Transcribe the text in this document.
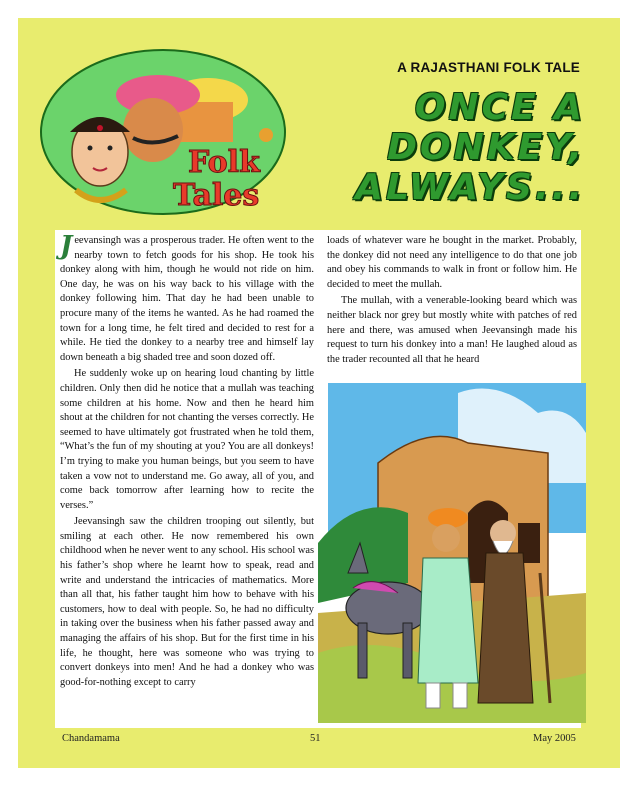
Folk
Tales
A RAJASTHANI FOLK TALE
ONCE A
DONKEY,
ALWAYS...

Jeevansingh was a prosperous trader. He often went to the nearby town to fetch goods for his shop. He took his donkey along with him, though he would not ride on him. One day, he was on his way back to his village with the donkey following him. That day he had been unable to procure many of the items he wanted. As he had roamed the town for a long time, he felt tired and decided to rest for a while. He tied the donkey to a nearby tree and himself lay down beneath a big shaded tree and soon dozed off.

He suddenly woke up on hearing loud chanting by little children. Only then did he notice that a mullah was teaching some children at his home. Now and then he heard him shout at the children for not chanting the verses correctly. He seemed to have ultimately got frustrated when he told them, “What’s the fun of my shouting at you? You are all donkeys! I’m trying to make you human beings, but you seem to have taken a vow not to understand me. Go away, all of you, and come back tomorrow after learning how to recite the verses.”

Jeevansingh saw the children trooping out silently, but smiling at each other. He now remembered his own childhood when he never went to any school. His school was his father’s shop where he learnt how to speak, read and write and understand the intricacies of mathematics. More than all that, his father taught him how to behave with his customers, how to deal with people. So, he had no difficulty in taking over the business when his father passed away and managing the affairs of his shop. But for the first time in his life, he thought, here was someone who was trying to convert donkeys into men! And he had a donkey who was good-for-nothing except to carry

loads of whatever ware he bought in the market. Probably, the donkey did not need any intelligence to do that one job and obey his commands to walk in front or follow him. He decided to meet the mullah.

The mullah, with a venerable-looking beard which was neither black nor grey but mostly white with patches of red here and there, was amused when Jeevansingh made his request to turn his donkey into a man! He laughed aloud as the trader recounted all that he heard

Chandamama	51	May 2005
